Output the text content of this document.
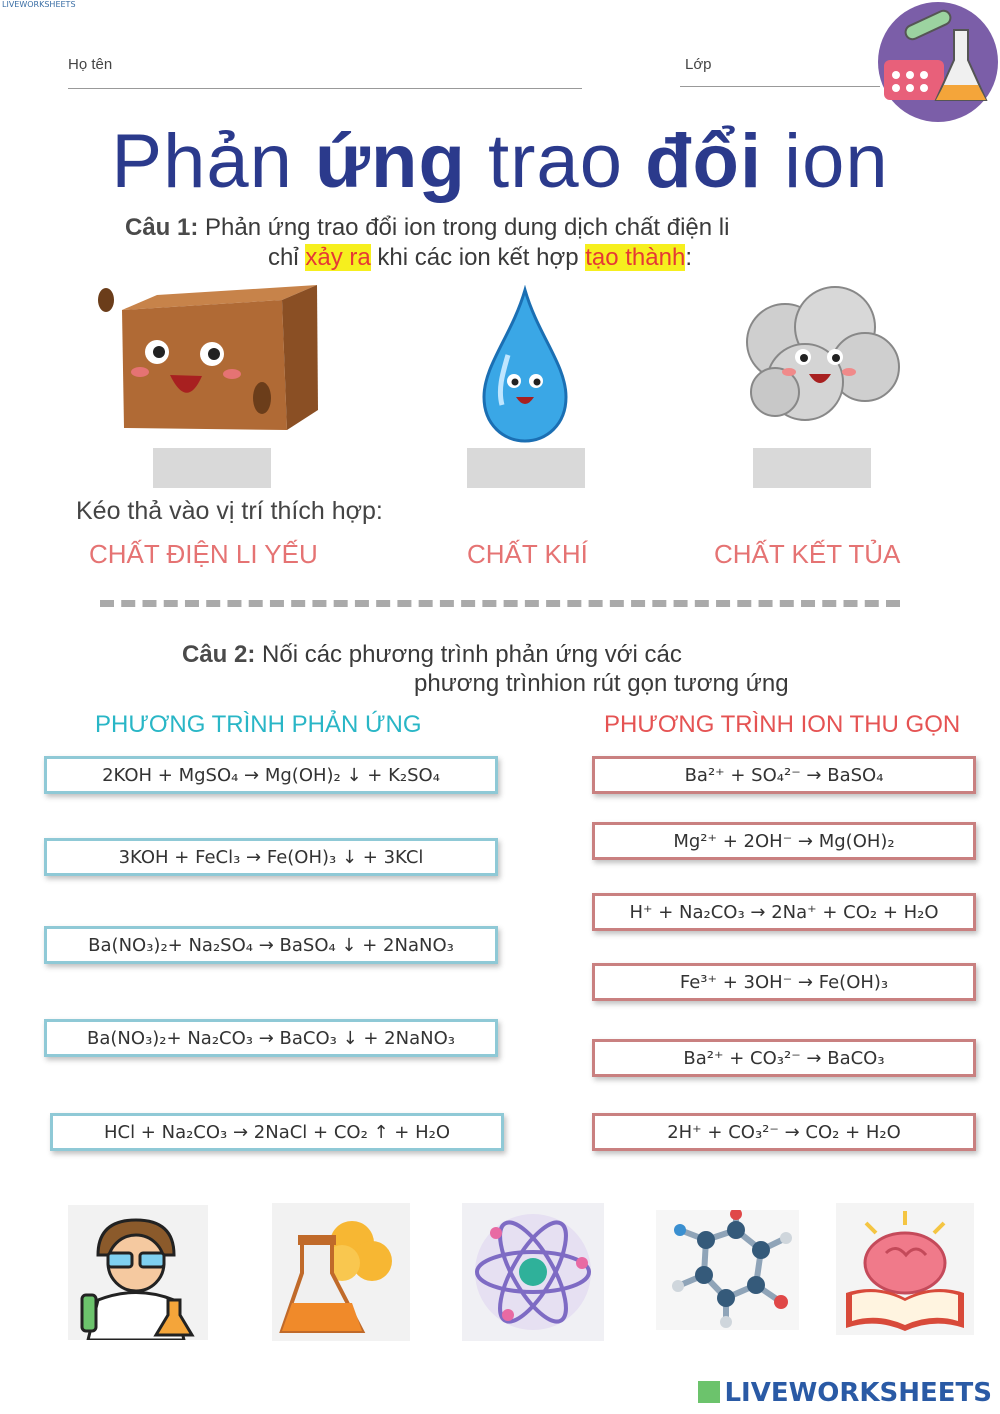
LIVEWORKSHEETS
Họ tên	Lớp
Phản ứng trao đổi ion
Câu 1: Phản ứng trao đổi ion trong dung dịch chất điện li
chỉ xảy ra khi các ion kết hợp tạo thành:
Kéo thả vào vị trí thích hợp:
CHẤT ĐIỆN LI YẾU	CHẤT KHÍ	CHẤT KẾT TỦA
Câu 2: Nối các phương trình phản ứng với các
phương trìnhion rút gọn tương ứng
PHƯƠNG TRÌNH PHẢN ỨNG	PHƯƠNG TRÌNH ION THU GỌN
2KOH + MgSO₄ → Mg(OH)₂ ↓ + K₂SO₄
3KOH + FeCl₃ → Fe(OH)₃ ↓ + 3KCl
Ba(NO₃)₂+ Na₂SO₄ → BaSO₄ ↓ + 2NaNO₃
Ba(NO₃)₂+ Na₂CO₃ → BaCO₃ ↓ + 2NaNO₃
HCl + Na₂CO₃ → 2NaCl + CO₂ ↑ + H₂O
Ba²⁺ + SO₄²⁻ → BaSO₄
Mg²⁺ + 2OH⁻ → Mg(OH)₂
H⁺ + Na₂CO₃ → 2Na⁺ + CO₂ + H₂O
Fe³⁺ + 3OH⁻ → Fe(OH)₃
Ba²⁺ + CO₃²⁻ → BaCO₃
2H⁺ + CO₃²⁻ → CO₂ + H₂O
LIVEWORKSHEETS
